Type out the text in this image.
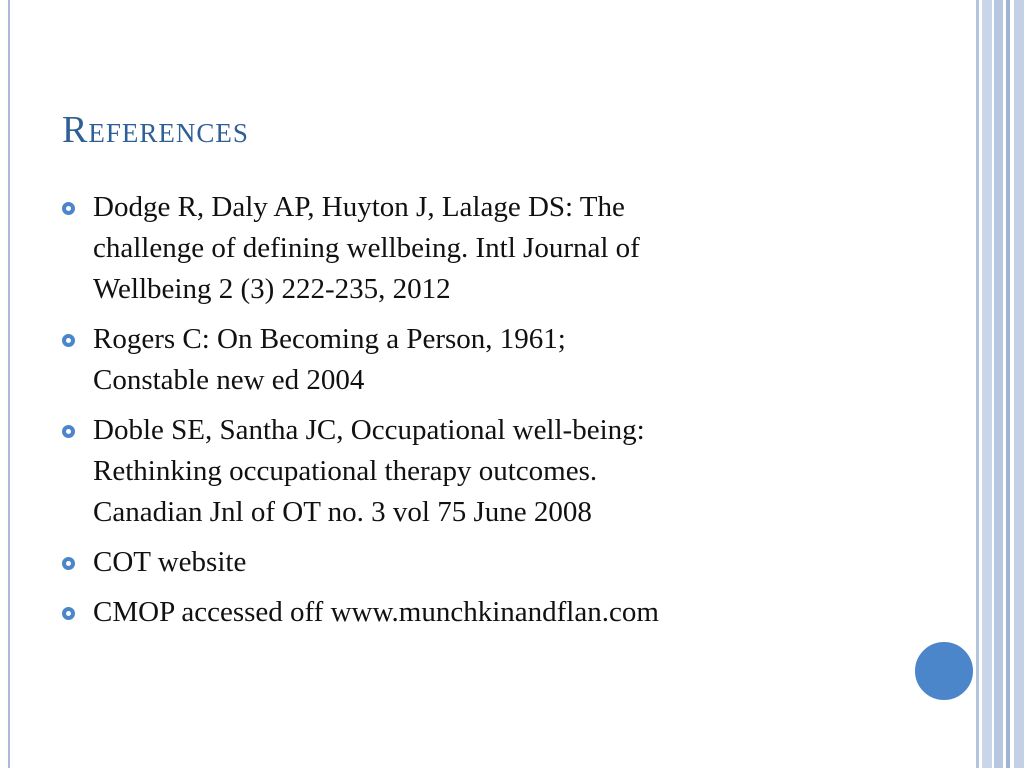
References
Dodge R, Daly AP, Huyton J, Lalage DS: The
challenge of defining wellbeing. Intl Journal of
Wellbeing 2 (3) 222-235, 2012
Rogers C: On Becoming a Person, 1961;
Constable new ed 2004
Doble SE, Santha JC, Occupational well-being:
Rethinking occupational therapy outcomes.
Canadian Jnl of OT no. 3 vol 75 June 2008
COT website
CMOP accessed off www.munchkinandflan.com
